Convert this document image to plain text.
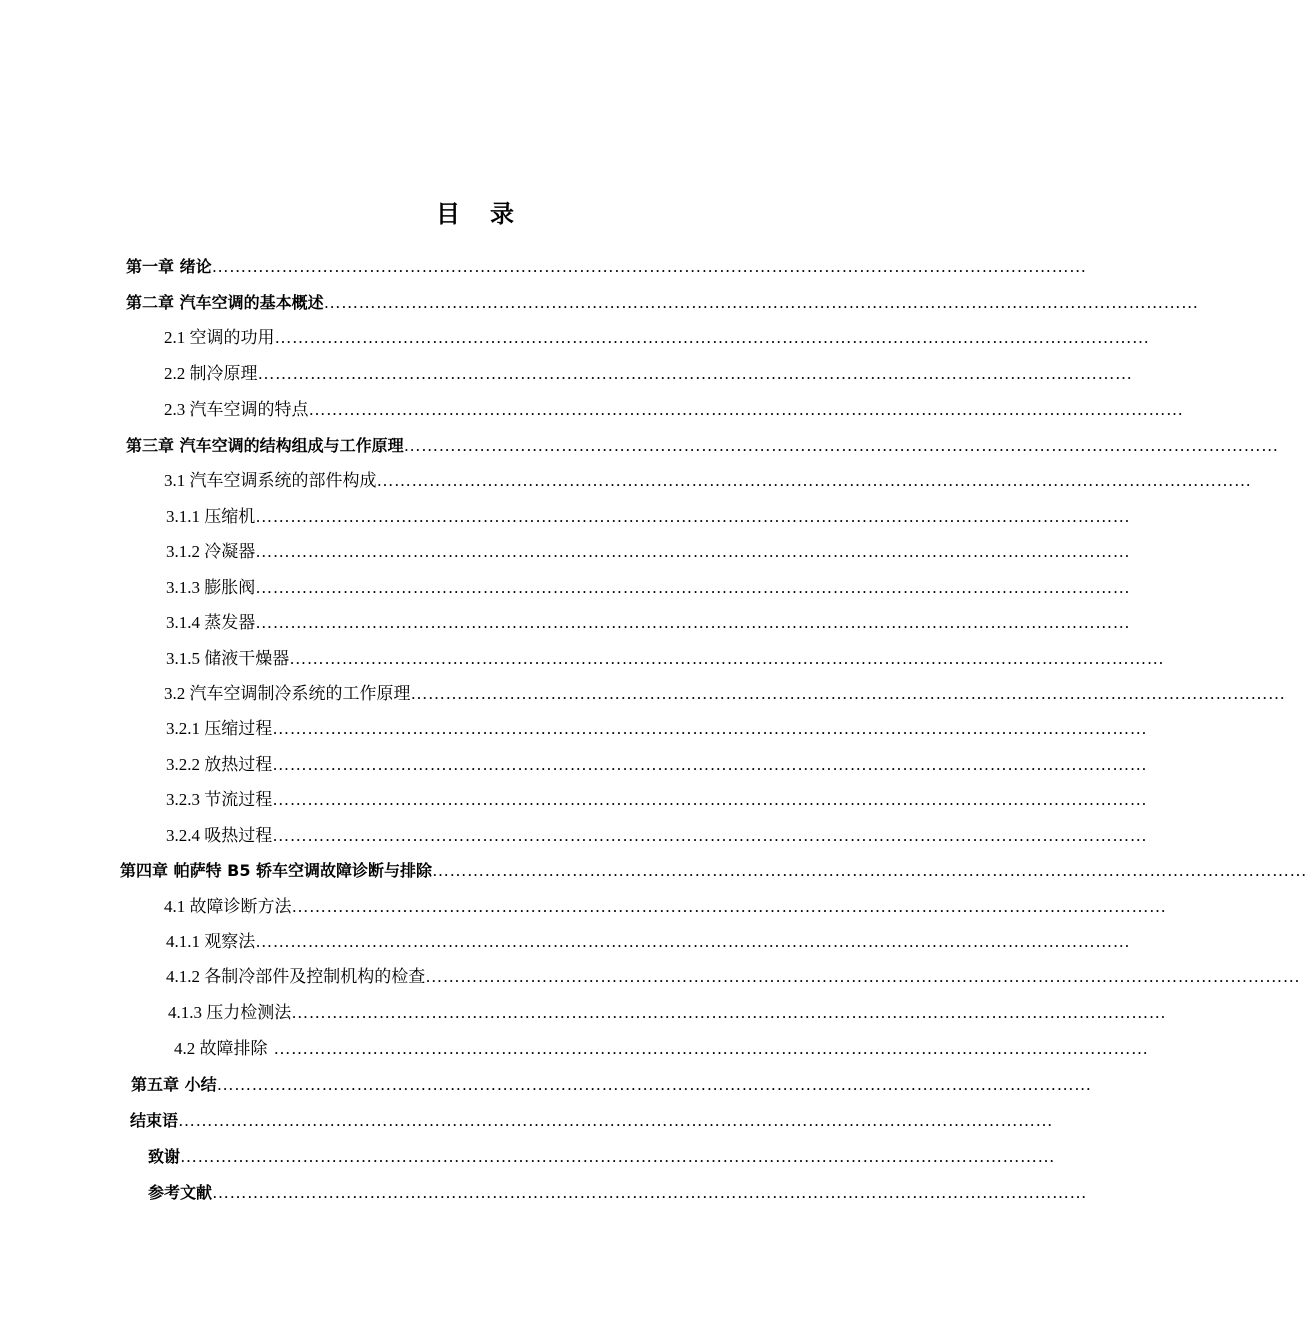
目 录
第一章 绪论 ……………………………………………………………………………………………………………………………………
第二章 汽车空调的基本概述 ……………………………………………………………………………………………………………………………………
2.1 空调的功用 ……………………………………………………………………………………………………………………………………
2.2 制冷原理 ……………………………………………………………………………………………………………………………………
2.3 汽车空调的特点 ……………………………………………………………………………………………………………………………………
第三章 汽车空调的结构组成与工作原理 ……………………………………………………………………………………………………………………………………
3.1 汽车空调系统的部件构成 ……………………………………………………………………………………………………………………………………
3.1.1 压缩机 ……………………………………………………………………………………………………………………………………
3.1.2 冷凝器 ……………………………………………………………………………………………………………………………………
3.1.3 膨胀阀 ……………………………………………………………………………………………………………………………………
3.1.4 蒸发器 ……………………………………………………………………………………………………………………………………
3.1.5 储液干燥器 ……………………………………………………………………………………………………………………………………
3.2 汽车空调制冷系统的工作原理 ……………………………………………………………………………………………………………………………………
3.2.1 压缩过程 ……………………………………………………………………………………………………………………………………
3.2.2 放热过程 ……………………………………………………………………………………………………………………………………
3.2.3 节流过程 ……………………………………………………………………………………………………………………………………
3.2.4 吸热过程 ……………………………………………………………………………………………………………………………………
第四章 帕萨特 B5 轿车空调故障诊断与排除 ……………………………………………………………………………………………………………………………………
4.1 故障诊断方法 ……………………………………………………………………………………………………………………………………
4.1.1 观察法 ……………………………………………………………………………………………………………………………………
4.1.2 各制冷部件及控制机构的检查 ……………………………………………………………………………………………………………………………………
4.1.3 压力检测法 ……………………………………………………………………………………………………………………………………
4.2 故障排除 ……………………………………………………………………………………………………………………………………
第五章 小结 ……………………………………………………………………………………………………………………………………
结束语 ……………………………………………………………………………………………………………………………………
致谢 ……………………………………………………………………………………………………………………………………
参考文献 ……………………………………………………………………………………………………………………………………
